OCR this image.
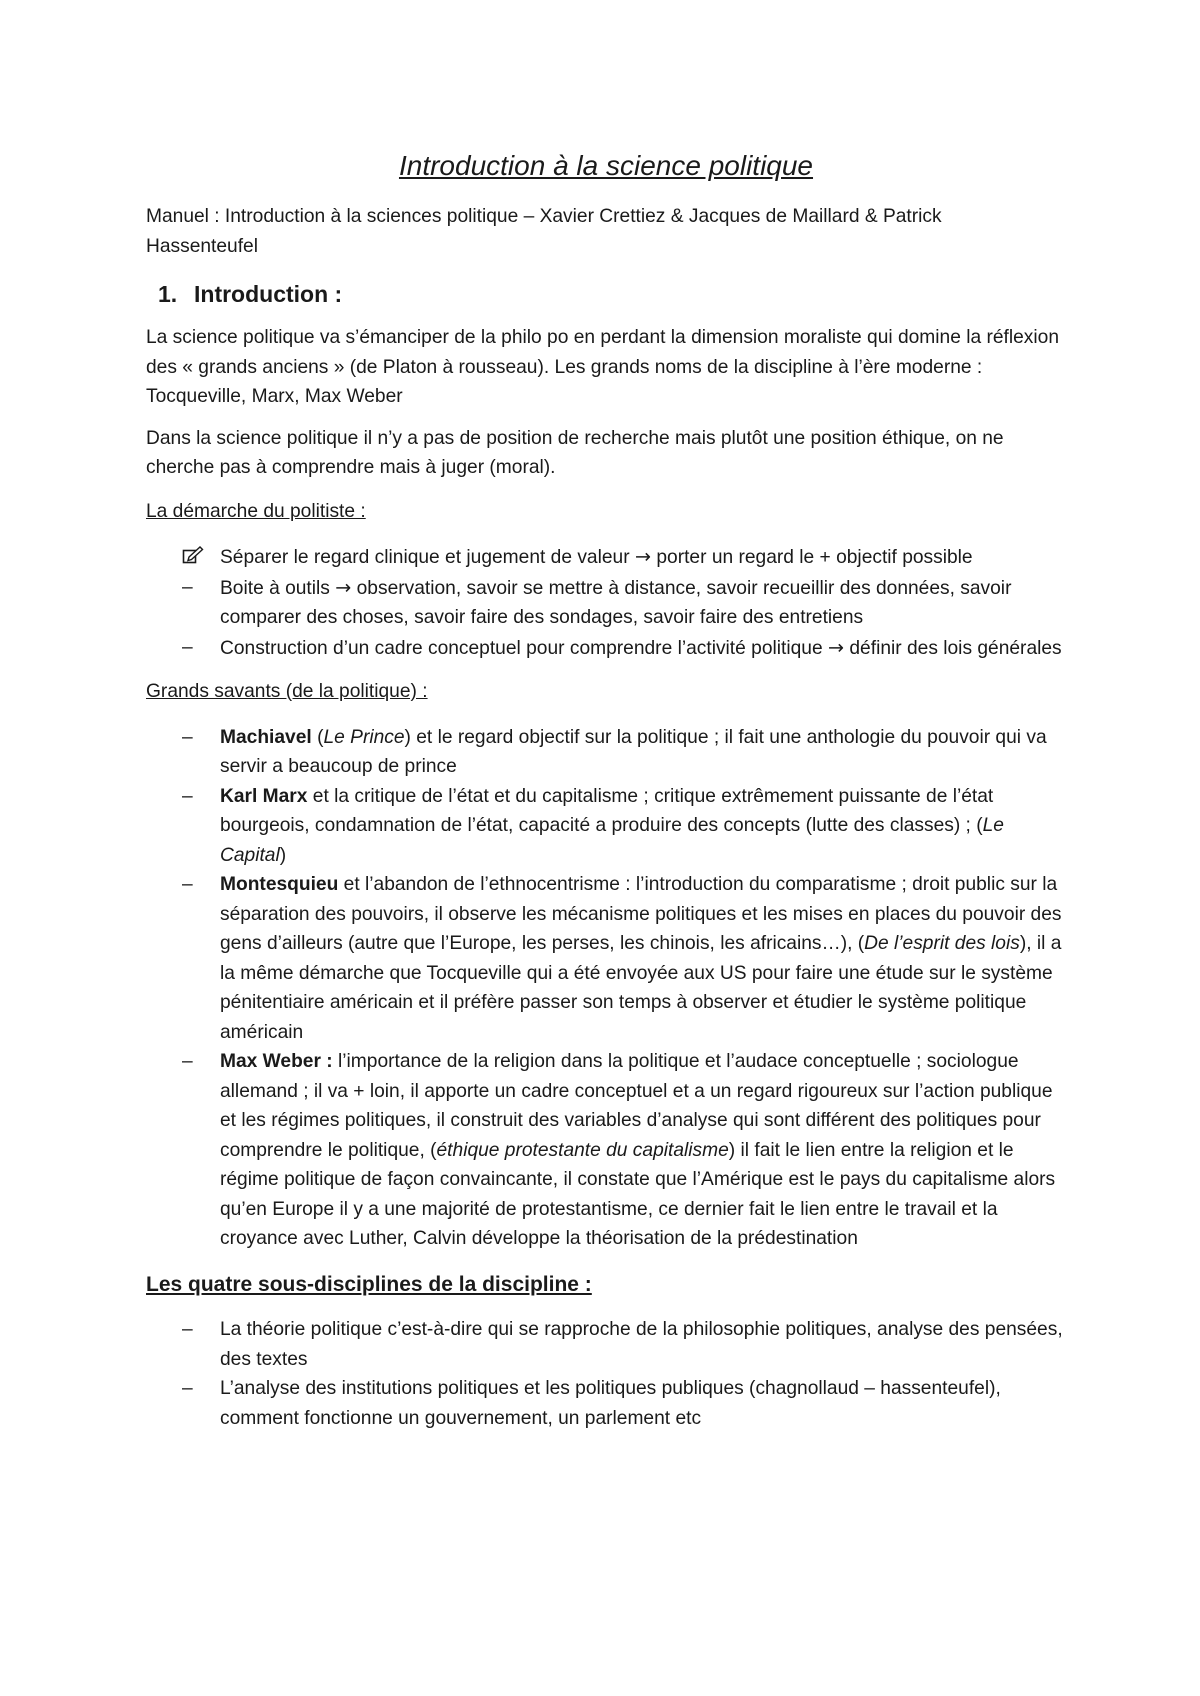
Introduction à la science politique

Manuel : Introduction à la sciences politique – Xavier Crettiez & Jacques de Maillard & Patrick
Hassenteufel

1. Introduction :

La science politique va s’émanciper de la philo po en perdant la dimension moraliste qui domine la réflexion des « grands anciens » (de Platon à rousseau). Les grands noms de la discipline à l’ère moderne : Tocqueville, Marx, Max Weber

Dans la science politique il n’y a pas de position de recherche mais plutôt une position éthique, on ne cherche pas à comprendre mais à juger (moral).

La démarche du politiste :
Séparer le regard clinique et jugement de valeur → porter un regard le + objectif possible
–	Boite à outils → observation, savoir se mettre à distance, savoir recueillir des données, savoir comparer des choses, savoir faire des sondages, savoir faire des entretiens
–	Construction d’un cadre conceptuel pour comprendre l’activité politique → définir des lois générales
Grands savants (de la politique) :
–	Machiavel (Le Prince) et le regard objectif sur la politique ; il fait une anthologie du pouvoir qui va servir a beaucoup de prince
–	Karl Marx et la critique de l’état et du capitalisme ; critique extrêmement puissante de l’état bourgeois, condamnation de l’état, capacité a produire des concepts (lutte des classes) ; (Le Capital)
–	Montesquieu et l’abandon de l’ethnocentrisme : l’introduction du comparatisme ; droit public sur la séparation des pouvoirs, il observe les mécanisme politiques et les mises en places du pouvoir des gens d’ailleurs (autre que l’Europe, les perses, les chinois, les africains…), (De l’esprit des lois), il a la même démarche que Tocqueville qui a été envoyée aux US pour faire une étude sur le système pénitentiaire américain et il préfère passer son temps à observer et étudier le système politique américain
–	Max Weber : l’importance de la religion dans la politique et l’audace conceptuelle ; sociologue allemand ; il va + loin, il apporte un cadre conceptuel et a un regard rigoureux sur l’action publique et les régimes politiques, il construit des variables d’analyse qui sont différent des politiques pour comprendre le politique, (éthique protestante du capitalisme) il fait le lien entre la religion et le régime politique de façon convaincante, il constate que l’Amérique est le pays du capitalisme alors qu’en Europe il y a une majorité de protestantisme, ce dernier fait le lien entre le travail et la croyance avec Luther, Calvin développe la théorisation de la prédestination
Les quatre sous-disciplines de la discipline :
–	La théorie politique c’est-à-dire qui se rapproche de la philosophie politiques, analyse des pensées, des textes
–	L’analyse des institutions politiques et les politiques publiques (chagnollaud – hassenteufel), comment fonctionne un gouvernement, un parlement etc
